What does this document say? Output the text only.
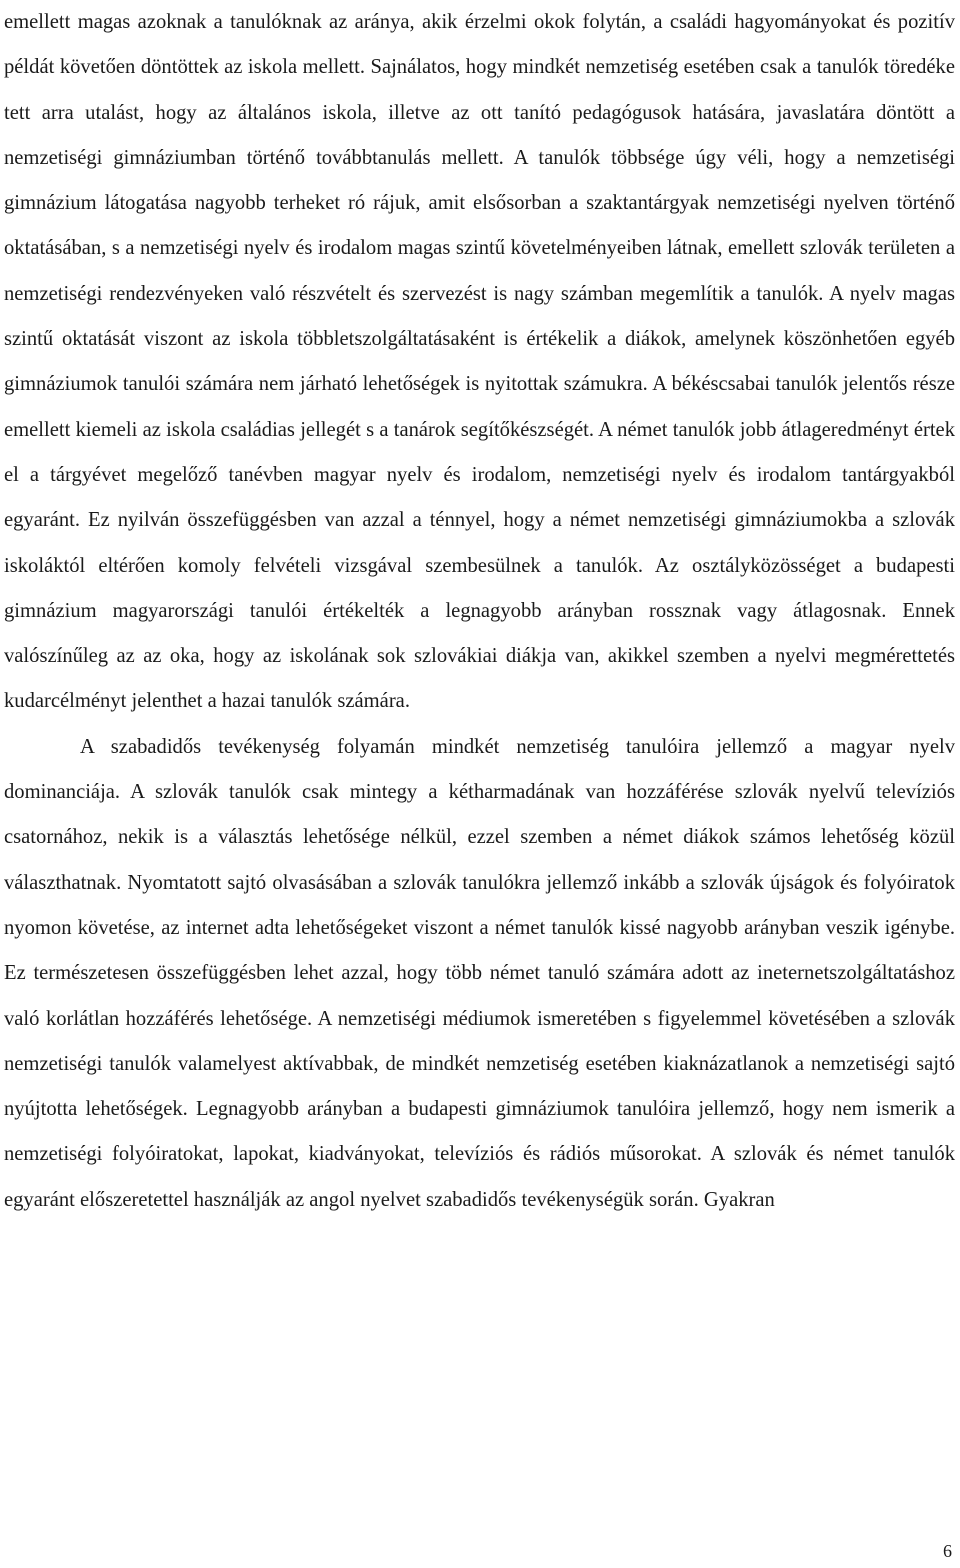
emellett magas azoknak a tanulóknak az aránya, akik érzelmi okok folytán, a családi hagyományokat és pozitív példát követően döntöttek az iskola mellett. Sajnálatos, hogy mindkét nemzetiség esetében csak a tanulók töredéke tett arra utalást, hogy az általános iskola, illetve az ott tanító pedagógusok hatására, javaslatára döntött a nemzetiségi gimnáziumban történő továbbtanulás mellett. A tanulók többsége úgy véli, hogy a nemzetiségi gimnázium látogatása nagyobb terheket ró rájuk, amit elsősorban a szaktantárgyak nemzetiségi nyelven történő oktatásában, s a nemzetiségi nyelv és irodalom magas szintű követelményeiben látnak, emellett szlovák területen a nemzetiségi rendezvényeken való részvételt és szervezést is nagy számban megemlítik a tanulók. A nyelv magas szintű oktatását viszont az iskola többletszolgáltatásaként is értékelik a diákok, amelynek köszönhetően egyéb gimnáziumok tanulói számára nem járható lehetőségek is nyitottak számukra. A békéscsabai tanulók jelentős része emellett kiemeli az iskola családias jellegét s a tanárok segítőkészségét. A német tanulók jobb átlageredményt értek el a tárgyévet megelőző tanévben magyar nyelv és irodalom, nemzetiségi nyelv és irodalom tantárgyakból egyaránt. Ez nyilván összefüggésben van azzal a ténnyel, hogy a német nemzetiségi gimnáziumokba a szlovák iskoláktól eltérően komoly felvételi vizsgával szembesülnek a tanulók. Az osztályközösséget a budapesti gimnázium magyarországi tanulói értékelték a legnagyobb arányban rossznak vagy átlagosnak. Ennek valószínűleg az az oka, hogy az iskolának sok szlovákiai diákja van, akikkel szemben a nyelvi megmérettetés kudarcélményt jelenthet a hazai tanulók számára.

A szabadidős tevékenység folyamán mindkét nemzetiség tanulóira jellemző a magyar nyelv dominanciája. A szlovák tanulók csak mintegy a kétharmadának van hozzáférése szlovák nyelvű televíziós csatornához, nekik is a választás lehetősége nélkül, ezzel szemben a német diákok számos lehetőség közül választhatnak. Nyomtatott sajtó olvasásában a szlovák tanulókra jellemző inkább a szlovák újságok és folyóiratok nyomon követése, az internet adta lehetőségeket viszont a német tanulók kissé nagyobb arányban veszik igénybe. Ez természetesen összefüggésben lehet azzal, hogy több német tanuló számára adott az ineternetszolgáltatáshoz való korlátlan hozzáférés lehetősége. A nemzetiségi médiumok ismeretében s figyelemmel követésében a szlovák nemzetiségi tanulók valamelyest aktívabbak, de mindkét nemzetiség esetében kiaknázatlanok a nemzetiségi sajtó nyújtotta lehetőségek. Legnagyobb arányban a budapesti gimnáziumok tanulóira jellemző, hogy nem ismerik a nemzetiségi folyóiratokat, lapokat, kiadványokat, televíziós és rádiós műsorokat. A szlovák és német tanulók egyaránt előszeretettel használják az angol nyelvet szabadidős tevékenységük során. Gyakran

6
